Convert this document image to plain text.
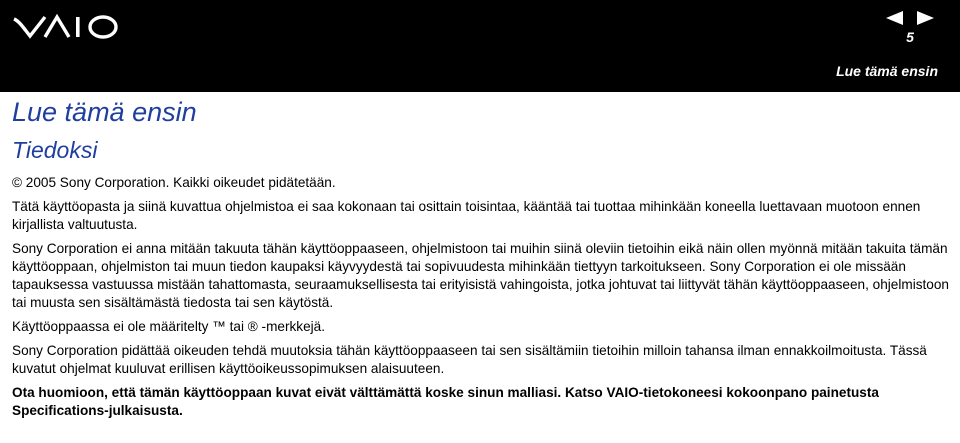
5
Lue tämä ensin
Lue tämä ensin
Tiedoksi

© 2005 Sony Corporation. Kaikki oikeudet pidätetään.

Tätä käyttöopasta ja siinä kuvattua ohjelmistoa ei saa kokonaan tai osittain toisintaa, kääntää tai tuottaa mihinkään koneella luettavaan muotoon ennen kirjallista valtuutusta.

Sony Corporation ei anna mitään takuuta tähän käyttöoppaaseen, ohjelmistoon tai muihin siinä oleviin tietoihin eikä näin ollen myönnä mitään takuita tämän käyttöoppaan, ohjelmiston tai muun tiedon kaupaksi käyvyydestä tai sopivuudesta mihinkään tiettyyn tarkoitukseen. Sony Corporation ei ole missään tapauksessa vastuussa mistään tahattomasta, seuraamuksellisesta tai erityisistä vahingoista, jotka johtuvat tai liittyvät tähän käyttöoppaaseen, ohjelmistoon tai muusta sen sisältämästä tiedosta tai sen käytöstä.

Käyttöoppaassa ei ole määritelty ™ tai ® -merkkejä.

Sony Corporation pidättää oikeuden tehdä muutoksia tähän käyttöoppaaseen tai sen sisältämiin tietoihin milloin tahansa ilman ennakkoilmoitusta. Tässä kuvatut ohjelmat kuuluvat erillisen käyttöoikeussopimuksen alaisuuteen.

Ota huomioon, että tämän käyttöoppaan kuvat eivät välttämättä koske sinun malliasi. Katso VAIO-tietokoneesi kokoonpano painetusta Specifications-julkaisusta.
